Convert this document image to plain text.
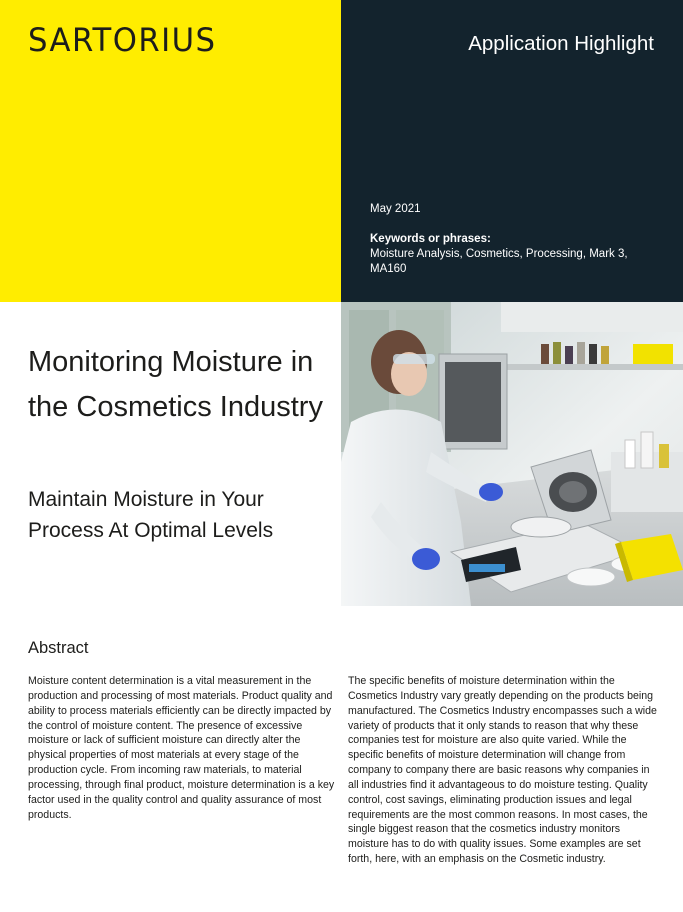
SARTORIUS	Application Highlight
May 2021
Keywords or phrases:
Moisture Analysis, Cosmetics, Processing, Mark 3, MA160
Monitoring Moisture in the Cosmetics Industry
Maintain Moisture in Your Process At Optimal Levels
Abstract

Moisture content determination is a vital measurement in the production and processing of most materials. Product quality and ability to process materials efficiently can be directly impacted by the control of moisture content. The presence of excessive moisture or lack of sufficient moisture can directly alter the physical properties of most materials at every stage of the production cycle. From incoming raw materials, to material processing, through final product, moisture determination is a key factor used in the quality control and quality assurance of most products.

The specific benefits of moisture determination within the Cosmetics Industry vary greatly depending on the products being manufactured. The Cosmetics Industry encompasses such a wide variety of products that it only stands to reason that why these companies test for moisture are also quite varied. While the specific benefits of moisture determination will change from company to company there are basic reasons why companies in all industries find it advantageous to do moisture testing. Quality control, cost savings, eliminating production issues and legal requirements are the most common reasons. In most cases, the single biggest reason that the cosmetics industry monitors moisture has to do with quality issues. Some examples are set forth, here, with an emphasis on the Cosmetic industry.
